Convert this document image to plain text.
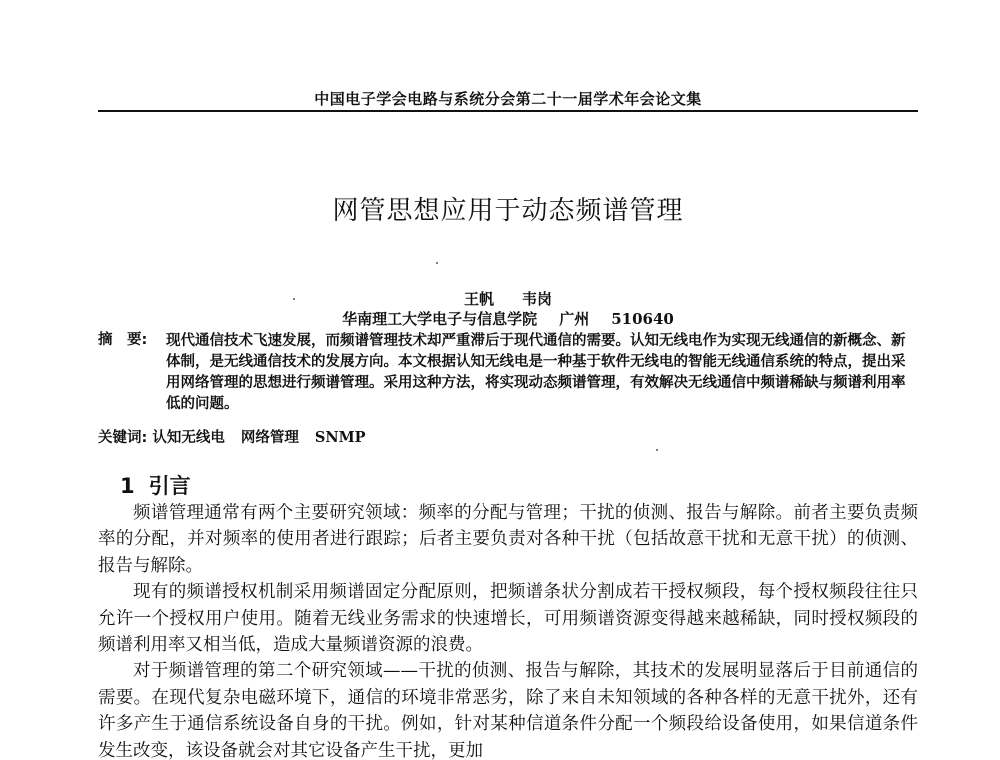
中国电子学会电路与系统分会第二十一届学术年会论文集
网管思想应用于动态频谱管理
王帆 韦岗
华南理工大学电子与信息学院 广州 510640
摘　要: 现代通信技术飞速发展，而频谱管理技术却严重滞后于现代通信的需要。认知无线电作为实现无线通信的新概念、新体制，是无线通信技术的发展方向。本文根据认知无线电是一种基于软件无线电的智能无线通信系统的特点，提出采用网络管理的思想进行频谱管理。采用这种方法，将实现动态频谱管理，有效解决无线通信中频谱稀缺与频谱利用率低的问题。
关键词: 认知无线电 网络管理 SNMP
1 引言

频谱管理通常有两个主要研究领域：频率的分配与管理；干扰的侦测、报告与解除。前者主要负责频率的分配，并对频率的使用者进行跟踪；后者主要负责对各种干扰（包括故意干扰和无意干扰）的侦测、报告与解除。

现有的频谱授权机制采用频谱固定分配原则，把频谱条状分割成若干授权频段，每个授权频段往往只允许一个授权用户使用。随着无线业务需求的快速增长，可用频谱资源变得越来越稀缺，同时授权频段的频谱利用率又相当低，造成大量频谱资源的浪费。

对于频谱管理的第二个研究领域——干扰的侦测、报告与解除，其技术的发展明显落后于目前通信的需要。在现代复杂电磁环境下，通信的环境非常恶劣，除了来自未知领域的各种各样的无意干扰外，还有许多产生于通信系统设备自身的干扰。例如，针对某种信道条件分配一个频段给设备使用，如果信道条件发生改变，该设备就会对其它设备产生干扰，更加
